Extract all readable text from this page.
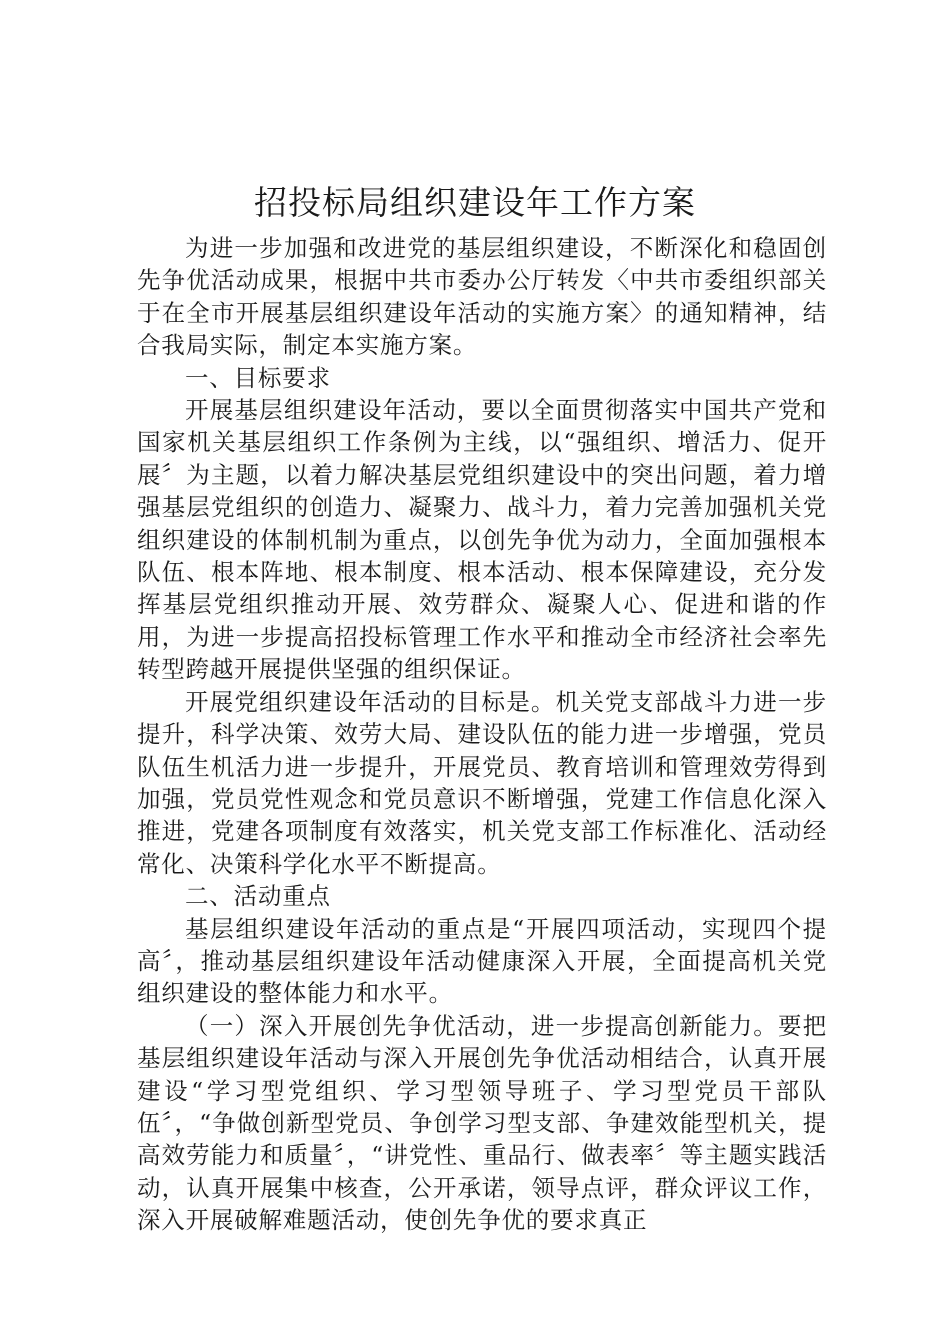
招投标局组织建设年工作方案

为进一步加强和改进党的基层组织建设，不断深化和稳固创先争优活动成果，根据中共市委办公厅转发〈中共市委组织部关于在全市开展基层组织建设年活动的实施方案〉的通知精神，结合我局实际，制定本实施方案。

一、目标要求

开展基层组织建设年活动，要以全面贯彻落实中国共产党和国家机关基层组织工作条例为主线，以“强组织、增活力、促开展〞为主题，以着力解决基层党组织建设中的突出问题，着力增强基层党组织的创造力、凝聚力、战斗力，着力完善加强机关党组织建设的体制机制为重点，以创先争优为动力，全面加强根本队伍、根本阵地、根本制度、根本活动、根本保障建设，充分发挥基层党组织推动开展、效劳群众、凝聚人心、促进和谐的作用，为进一步提高招投标管理工作水平和推动全市经济社会率先转型跨越开展提供坚强的组织保证。

开展党组织建设年活动的目标是。机关党支部战斗力进一步提升，科学决策、效劳大局、建设队伍的能力进一步增强，党员队伍生机活力进一步提升，开展党员、教育培训和管理效劳得到加强，党员党性观念和党员意识不断增强，党建工作信息化深入推进，党建各项制度有效落实，机关党支部工作标准化、活动经常化、决策科学化水平不断提高。

二、活动重点

基层组织建设年活动的重点是“开展四项活动，实现四个提高〞，推动基层组织建设年活动健康深入开展，全面提高机关党组织建设的整体能力和水平。

（一）深入开展创先争优活动，进一步提高创新能力。要把基层组织建设年活动与深入开展创先争优活动相结合，认真开展建设“学习型党组织、学习型领导班子、学习型党员干部队伍〞，“争做创新型党员、争创学习型支部、争建效能型机关，提高效劳能力和质量〞，“讲党性、重品行、做表率〞等主题实践活动，认真开展集中核查，公开承诺，领导点评，群众评议工作，深入开展破解难题活动，使创先争优的要求真正
